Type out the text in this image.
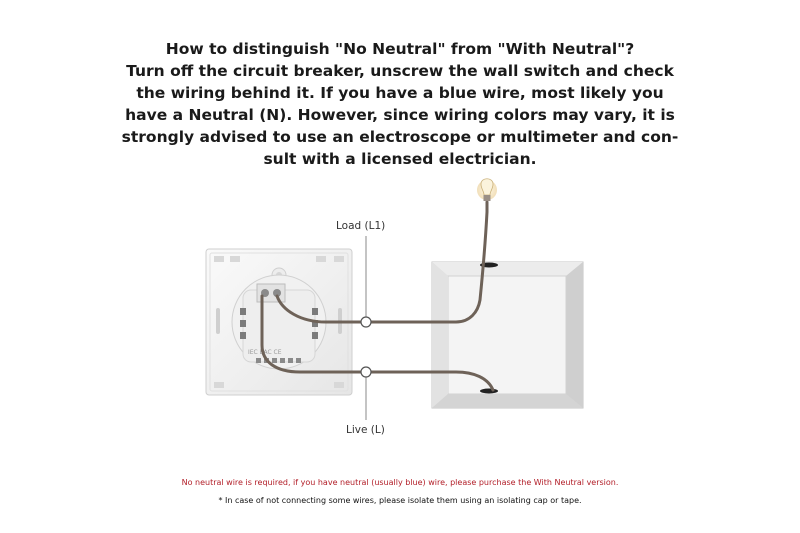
How to distinguish "No Neutral" from "With Neutral"?
Turn off the circuit breaker, unscrew the wall switch and check
the wiring behind it. If you have a blue wire, most likely you
have a Neutral (N). However, since wiring colors may vary, it is
strongly advised to use an electroscope or multimeter and con-
sult with a licensed electrician.
IEC EAC CE
Load (L1)
Live (L)
No neutral wire is required, if you have neutral (usually blue) wire, please purchase the With Neutral version.
* In case of not connecting some wires, please isolate them using an isolating cap or tape.
